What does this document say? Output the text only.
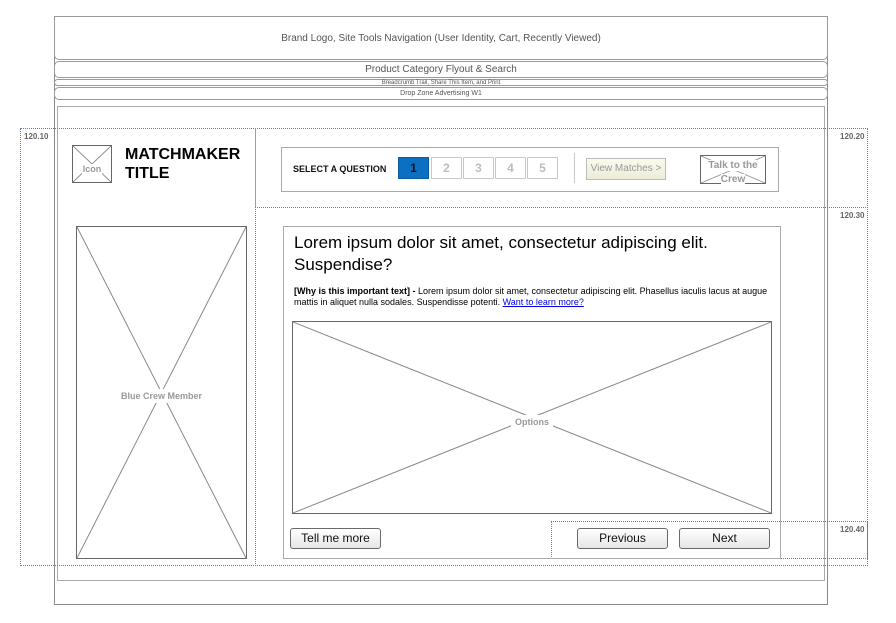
Brand Logo, Site Tools Navigation (User Identity, Cart, Recently Viewed)
Product Category Flyout & Search
Breadcrumb Trail, Share This Item, and Print
Drop Zone Advertising W1
120.10	120.20
120.30
120.40
Icon
MATCHMAKER TITLE
Blue Crew Member
SELECT A QUESTION	1	2	3	4	5	View Matches >	Talk to the Crew
Lorem ipsum dolor sit amet, consectetur adipiscing elit. Suspendise?
[Why is this important text] - Lorem ipsum dolor sit amet, consectetur adipiscing elit. Phasellus iaculis lacus at augue mattis in aliquet nulla sodales. Suspendisse potenti. Want to learn more?
Options
Tell me more	Previous	Next
